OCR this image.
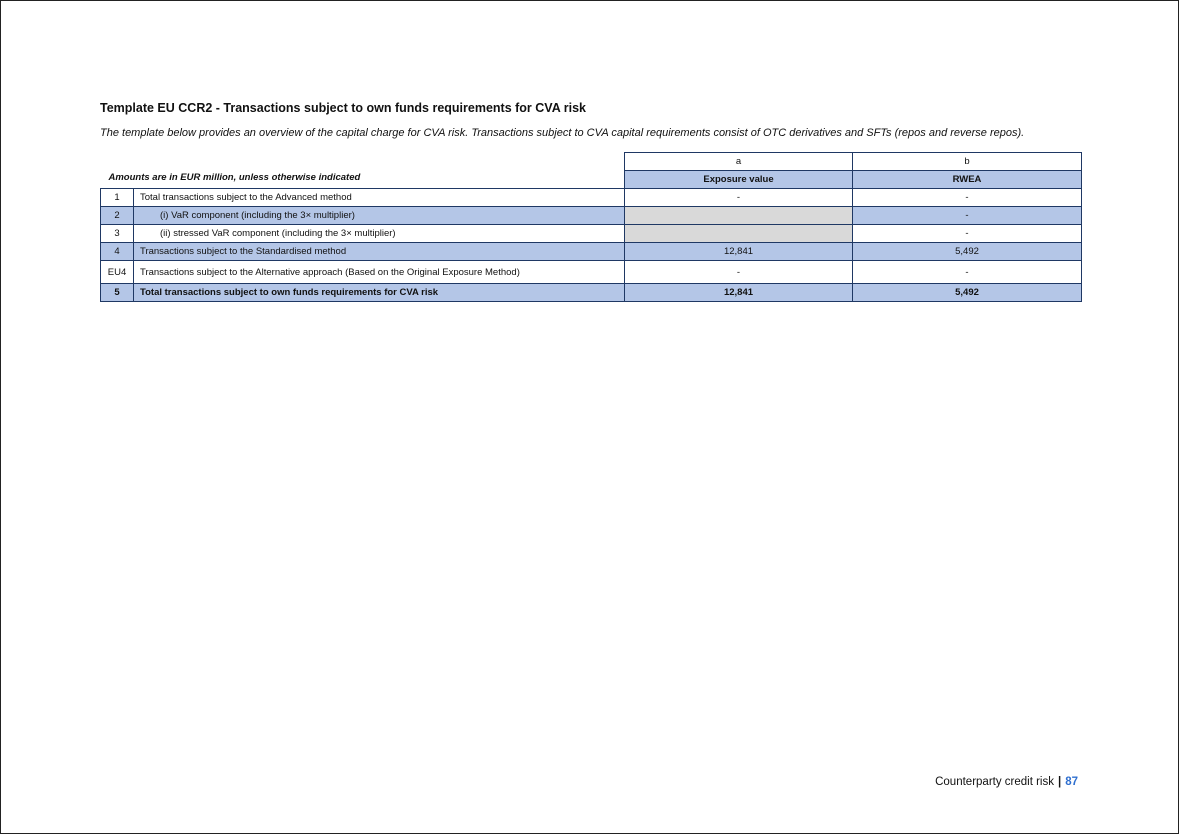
Template EU CCR2 - Transactions subject to own funds requirements for CVA risk
The template below provides an overview of the capital charge for CVA risk. Transactions subject to CVA capital requirements consist of OTC derivatives and SFTs (repos and reverse repos).
Amounts are in EUR million, unless otherwise indicated		a	b
		Exposure value	RWEA
1	Total transactions subject to the Advanced method	-	-
2	(i) VaR component (including the 3× multiplier)		-
3	(ii) stressed VaR component (including the 3× multiplier)		-
4	Transactions subject to the Standardised method	12,841	5,492
EU4	Transactions subject to the Alternative approach (Based on the Original Exposure Method)	-	-
5	Total transactions subject to own funds requirements for CVA risk	12,841	5,492
Counterparty credit risk | 87
